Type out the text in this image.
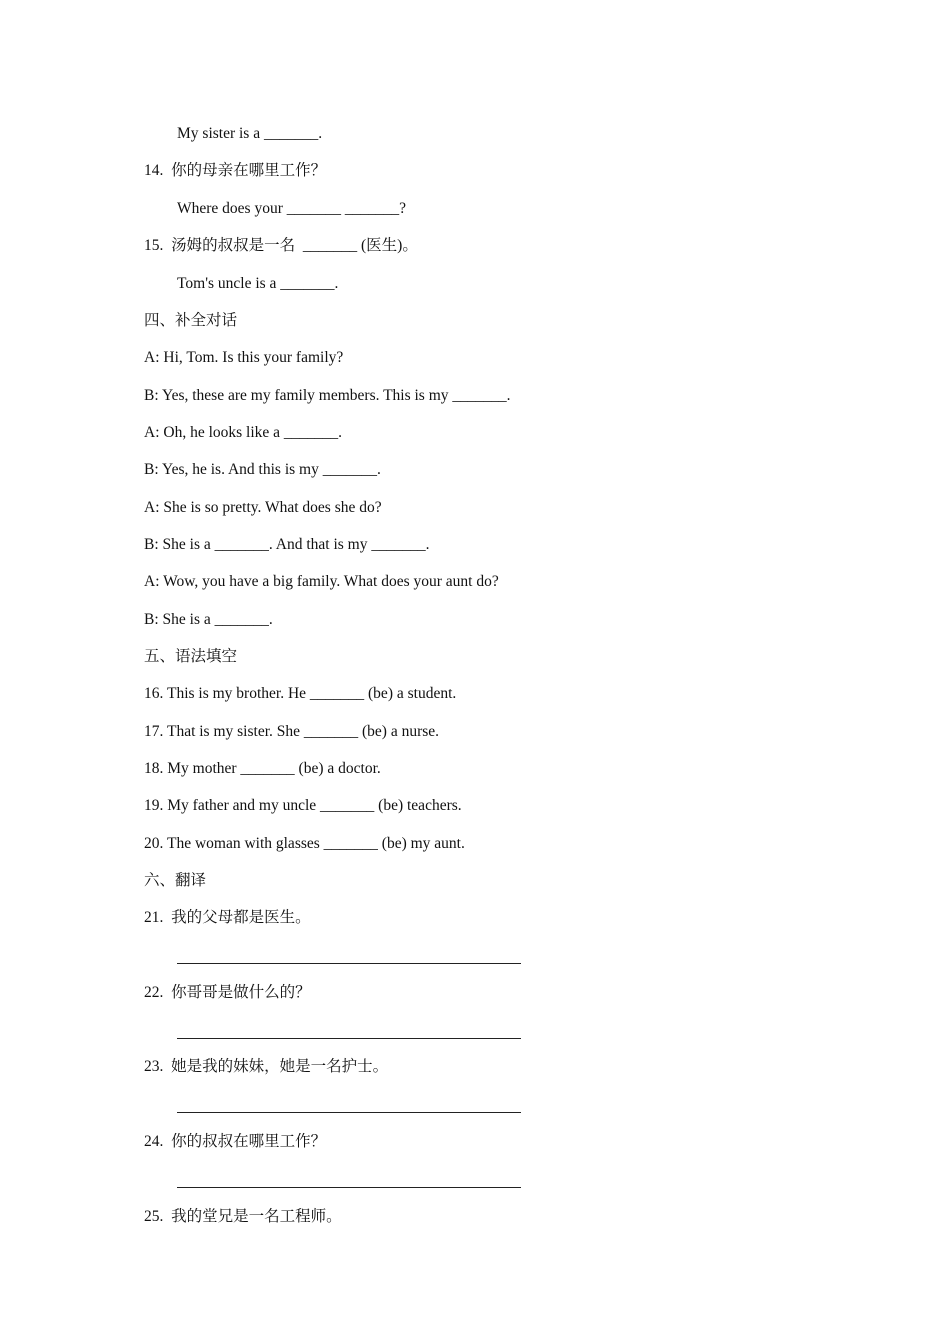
My sister is a _______.
14.  你的母亲在哪里工作？
Where does your _______ _______?
15.  汤姆的叔叔是一名  _______ (医生)。
Tom's uncle is a _______.
四、补全对话
A: Hi, Tom. Is this your family?
B: Yes, these are my family members. This is my _______.
A: Oh, he looks like a _______.
B: Yes, he is. And this is my _______.
A: She is so pretty. What does she do?
B: She is a _______. And that is my _______.
A: Wow, you have a big family. What does your aunt do?
B: She is a _______.
五、语法填空
16. This is my brother. He _______ (be) a student.
17. That is my sister. She _______ (be) a nurse.
18. My mother _______ (be) a doctor.
19. My father and my uncle _______ (be) teachers.
20. The woman with glasses _______ (be) my aunt.
六、翻译
21.  我的父母都是医生。
22.  你哥哥是做什么的？
23.  她是我的妹妹，她是一名护士。
24.  你的叔叔在哪里工作？
25.  我的堂兄是一名工程师。
